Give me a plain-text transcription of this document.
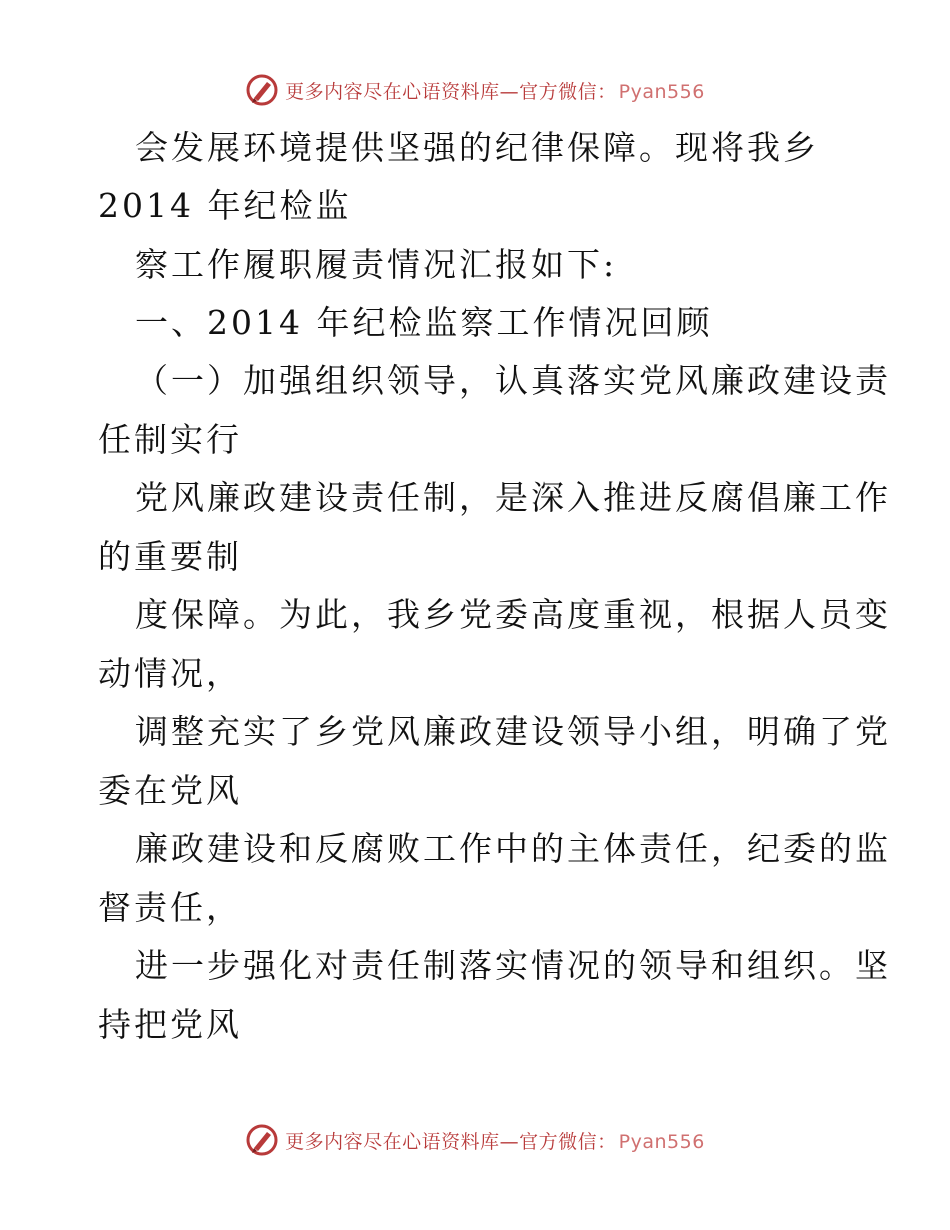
更多内容尽在心语资料库—官方微信： Pyan556
会发展环境提供坚强的纪律保障。现将我乡
2014 年纪检监
察工作履职履责情况汇报如下:
一、2014 年纪检监察工作情况回顾
（一）加强组织领导，认真落实党风廉政建设责
任制实行
党风廉政建设责任制，是深入推进反腐倡廉工作
的重要制
度保障。为此，我乡党委高度重视，根据人员变
动情况，
调整充实了乡党风廉政建设领导小组，明确了党
委在党风
廉政建设和反腐败工作中的主体责任，纪委的监
督责任，
进一步强化对责任制落实情况的领导和组织。坚
持把党风
更多内容尽在心语资料库—官方微信： Pyan556
